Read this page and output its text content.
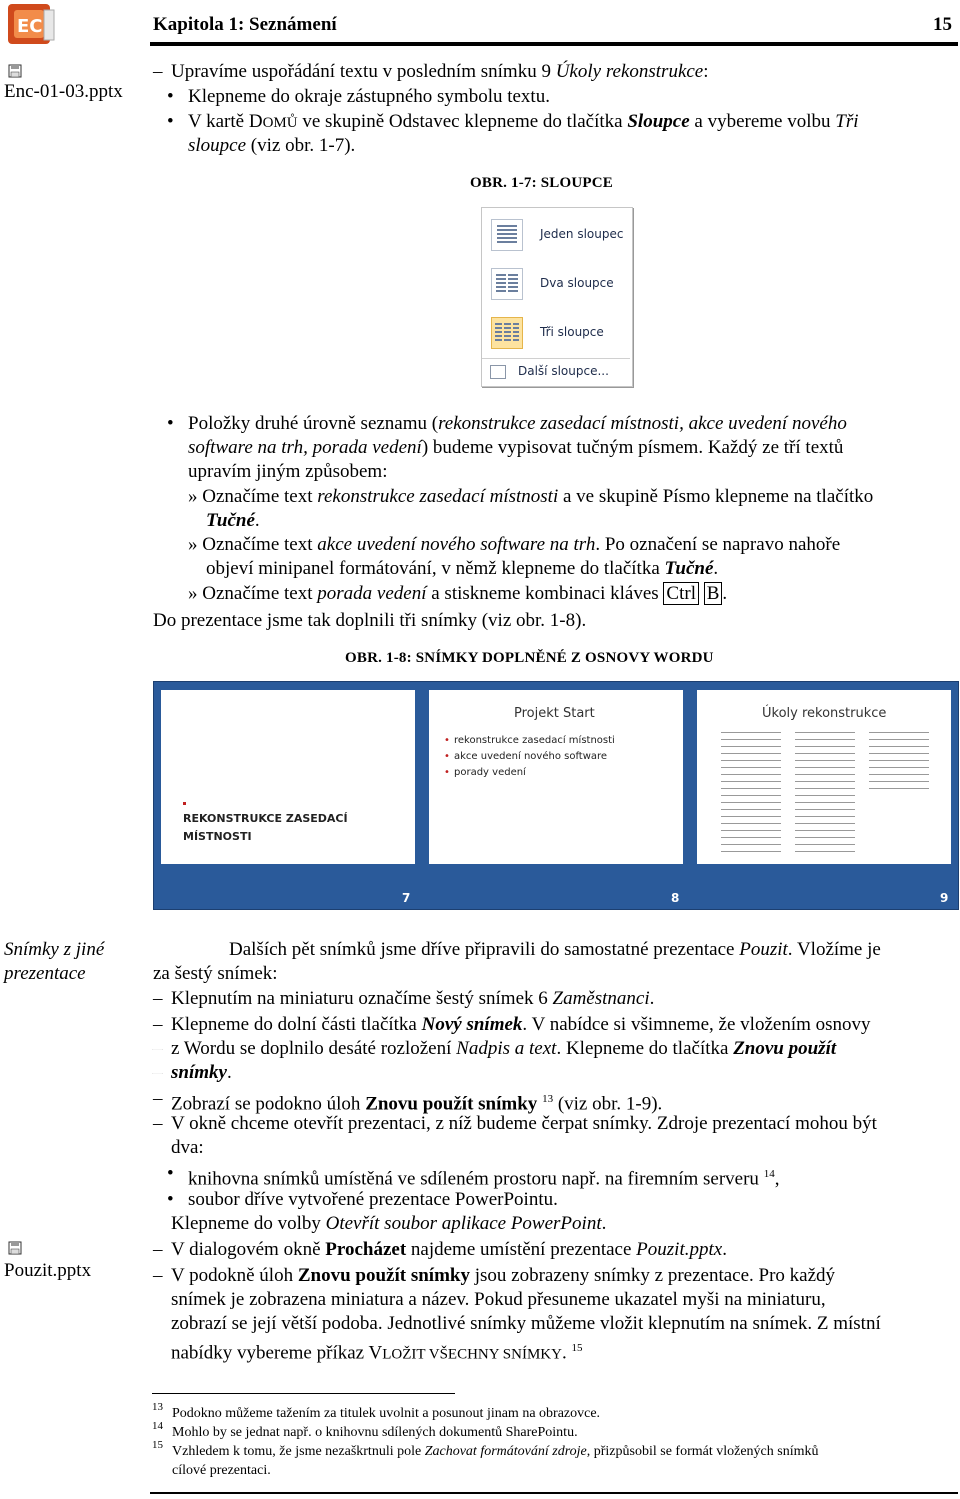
EC	Kapitola 1: Seznámení	15
Enc-01-03.pptx
Snímky z jiné
prezentace
Pouzit.pptx
– Upravíme uspořádání textu v posledním snímku 9 Úkoly rekonstrukce:
• Klepneme do okraje zástupného symbolu textu.
• V kartě DOMŮ ve skupině Odstavec klepneme do tlačítka Sloupce a vybereme volbu Tři
sloupce (viz obr. 1-7).
OBR. 1-7: SLOUPCE
Jeden sloupec
Dva sloupce
Tři sloupce
Další sloupce...
• Položky druhé úrovně seznamu (rekonstrukce zasedací místnosti, akce uvedení nového
software na trh, porada vedení) budeme vypisovat tučným písmem. Každý ze tří textů
upravím jiným způsobem:
» Označíme text rekonstrukce zasedací místnosti a ve skupině Písmo klepneme na tlačítko
Tučné.
» Označíme text akce uvedení nového software na trh. Po označení se napravo nahoře
objeví minipanel formátování, v němž klepneme do tlačítka Tučné.
» Označíme text porada vedení a stiskneme kombinaci kláves Ctrl B .
Do prezentace jsme tak doplnili tři snímky (viz obr. 1-8).
OBR. 1-8: SNÍMKY DOPLNĚNÉ Z OSNOVY WORDU
REKONSTRUKCE ZASEDACÍ
MÍSTNOSTI
Projekt Start
• rekonstrukce zasedací místnosti
• akce uvedení nového software
• porady vedení
Úkoly rekonstrukce
7	8	9
Dalších pět snímků jsme dříve připravili do samostatné prezentace Pouzit. Vložíme je
za šestý snímek:
– Klepnutím na miniaturu označíme šestý snímek 6 Zaměstnanci.
– Klepneme do dolní části tlačítka Nový snímek. V nabídce si všimneme, že vložením osnovy
– – z Wordu se doplnilo desáté rozložení Nadpis a text. Klepneme do tlačítka Znovu použít
– – snímky.
– Zobrazí se podokno úloh Znovu použít snímky $^{13}$ (viz obr. 1-9).
– V okně chceme otevřít prezentaci, z níž budeme čerpat snímky. Zdroje prezentací mohou být
dva:
• knihovna snímků umístěná ve sdíleném prostoru např. na firemním serveru $^{14}$,
• soubor dříve vytvořené prezentace PowerPointu.
Klepneme do volby Otevřít soubor aplikace PowerPoint.
– V dialogovém okně Procházet najdeme umístění prezentace Pouzit.pptx.
– V podokně úloh Znovu použít snímky jsou zobrazeny snímky z prezentace. Pro každý
snímek je zobrazena miniatura a název. Pokud přesuneme ukazatel myši na miniaturu,
zobrazí se její větší podoba. Jednotlivé snímky můžeme vložit klepnutím na snímek. Z místní
nabídky vybereme příkaz VLOŽIT VŠECHNY SNÍMKY. $^{15}$
13 Podokno můžeme tažením za titulek uvolnit a posunout jinam na obrazovce.
14 Mohlo by se jednat např. o knihovnu sdílených dokumentů SharePointu.
15 Vzhledem k tomu, že jsme nezaškrtnuli pole Zachovat formátování zdroje, přizpůsobil se formát vložených snímků
cílové prezentaci.
